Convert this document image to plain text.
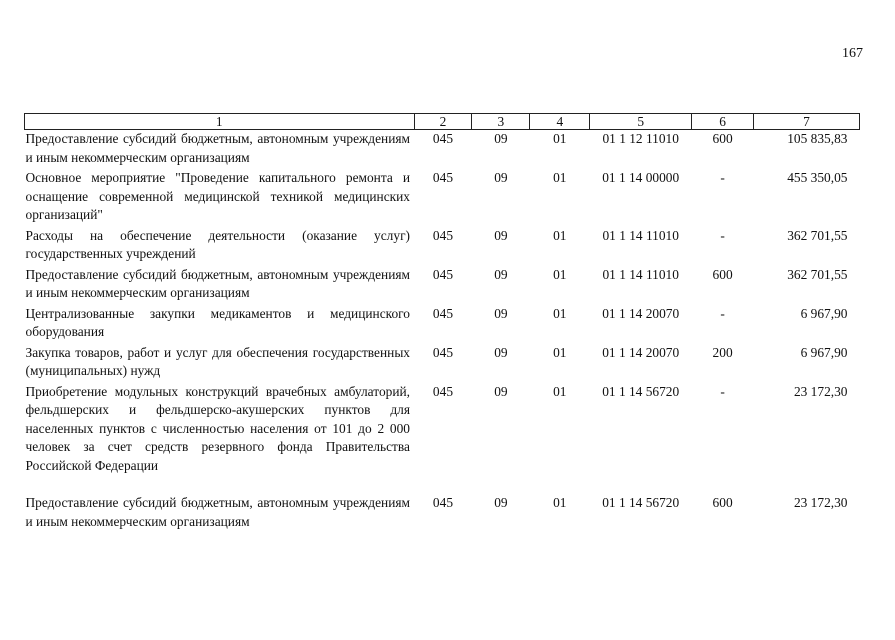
167
1	2	3	4	5	6	7
Предоставление субсидий бюджетным, автономным учреждениям и иным некоммерческим организациям	045	09	01	01 1 12 11010	600	105 835,83
Основное мероприятие "Проведение капитального ремонта и оснащение современной медицинской техникой медицинских организаций"	045	09	01	01 1 14 00000	-	455 350,05
Расходы на обеспечение деятельности (оказание услуг) государственных учреждений	045	09	01	01 1 14 11010	-	362 701,55
Предоставление субсидий бюджетным, автономным учреждениям и иным некоммерческим организациям	045	09	01	01 1 14 11010	600	362 701,55
Централизованные закупки медикаментов и медицинского оборудования	045	09	01	01 1 14 20070	-	6 967,90
Закупка товаров, работ и услуг для обеспечения государственных (муниципальных) нужд	045	09	01	01 1 14 20070	200	6 967,90
Приобретение модульных конструкций врачебных амбулаторий, фельдшерских и фельдшерско-акушерских пунктов для населенных пунктов с численностью населения от 101 до 2 000 человек за счет средств резервного фонда Правительства Российской Федерации	045	09	01	01 1 14 56720	-	23 172,30

Предоставление субсидий бюджетным, автономным учреждениям и иным некоммерческим организациям	045	09	01	01 1 14 56720	600	23 172,30
